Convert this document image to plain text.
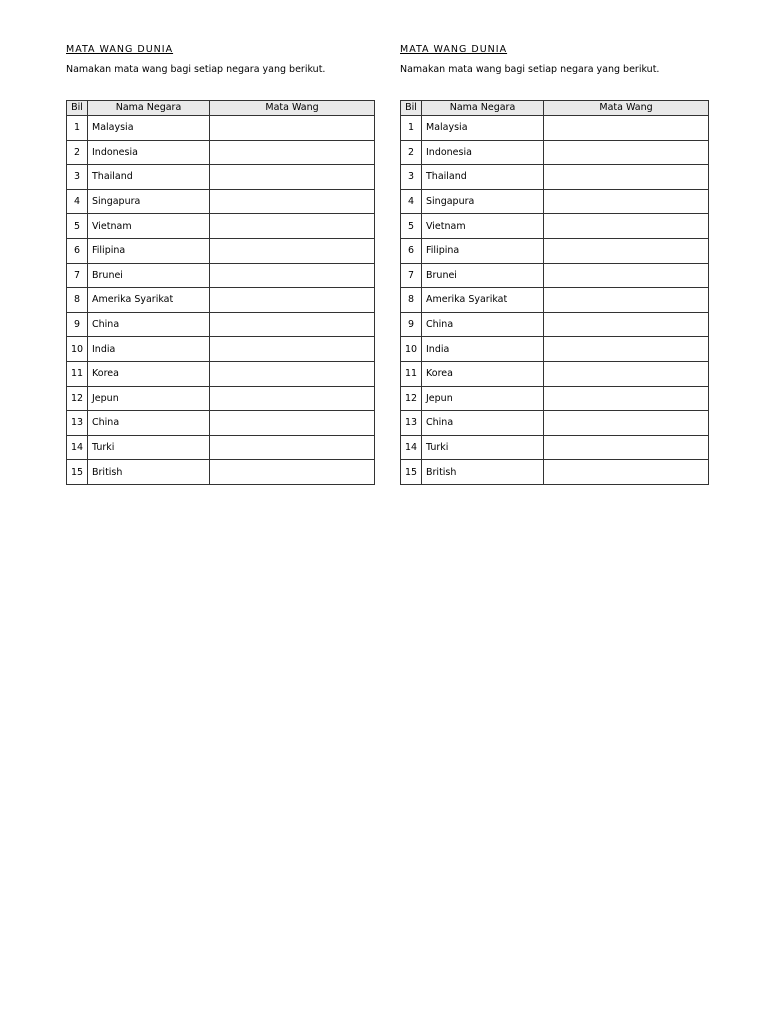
MATA WANG DUNIA
Namakan mata wang bagi setiap negara yang berikut.
Bil	Nama Negara	Mata Wang
1	Malaysia	
2	Indonesia	
3	Thailand	
4	Singapura	
5	Vietnam	
6	Filipina	
7	Brunei	
8	Amerika Syarikat	
9	China	
10	India	
11	Korea	
12	Jepun	
13	China	
14	Turki	
15	British	
MATA WANG DUNIA
Namakan mata wang bagi setiap negara yang berikut.
Bil	Nama Negara	Mata Wang
1	Malaysia	
2	Indonesia	
3	Thailand	
4	Singapura	
5	Vietnam	
6	Filipina	
7	Brunei	
8	Amerika Syarikat	
9	China	
10	India	
11	Korea	
12	Jepun	
13	China	
14	Turki	
15	British	
